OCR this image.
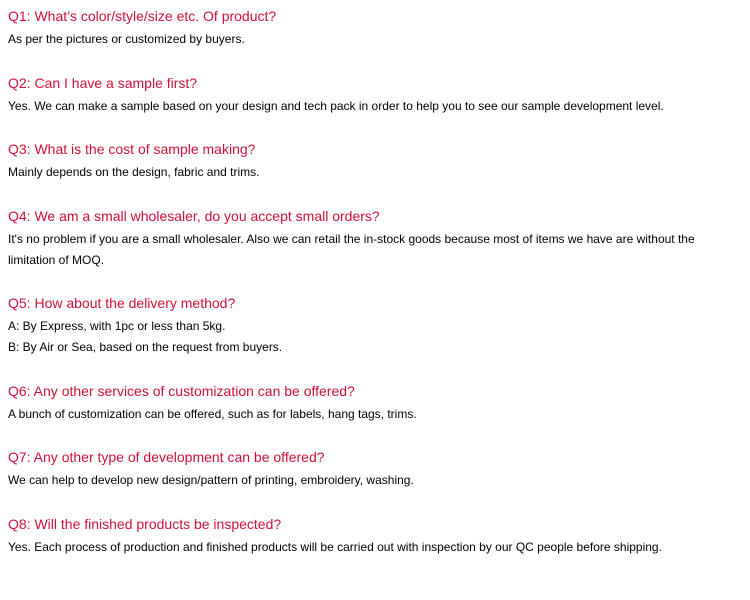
Q1: What’s color/style/size etc. Of product?

As per the pictures or customized by buyers.

Q2: Can I have a sample first?

Yes. We can make a sample based on your design and tech pack in order to help you to see our sample development level.

Q3: What is the cost of sample making?

Mainly depends on the design, fabric and trims.

Q4: We am a small wholesaler, do you accept small orders?

It's no problem if you are a small wholesaler. Also we can retail the in-stock goods because most of items we have are without the
limitation of MOQ.

Q5: How about the delivery method?

A: By Express, with 1pc or less than 5kg.
B: By Air or Sea, based on the request from buyers.

Q6: Any other services of customization can be offered?

A bunch of customization can be offered, such as for labels, hang tags, trims.

Q7: Any other type of development can be offered?

We can help to develop new design/pattern of printing, embroidery, washing.

Q8: Will the finished products be inspected?

Yes. Each process of production and finished products will be carried out with inspection by our QC people before shipping.
